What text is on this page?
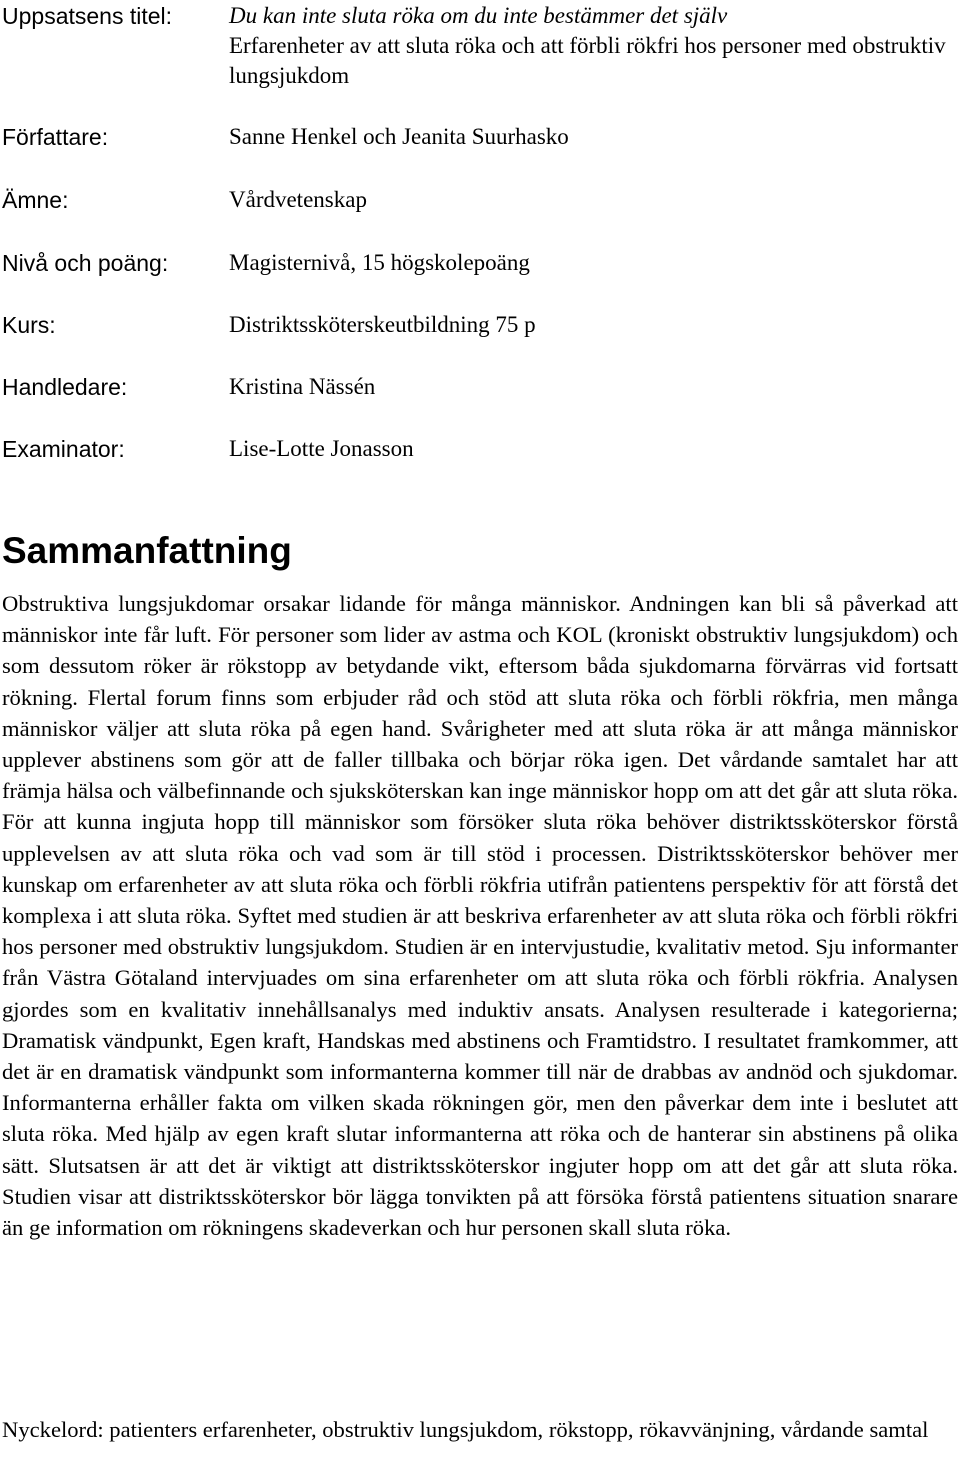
Uppsatsens titel: Du kan inte sluta röka om du inte bestämmer det själv
Erfarenheter av att sluta röka och att förbli rökfri hos personer med obstruktiv lungsjukdom
Författare:	Sanne Henkel och Jeanita Suurhasko
Ämne:	Vårdvetenskap
Nivå och poäng:	Magisternivå, 15 högskolepoäng
Kurs:	Distriktssköterskeutbildning 75 p
Handledare:	Kristina Nässén
Examinator:	Lise-Lotte Jonasson
Sammanfattning

Obstruktiva lungsjukdomar orsakar lidande för många människor. Andningen kan bli så påverkad att människor inte får luft. För personer som lider av astma och KOL (kroniskt obstruktiv lungsjukdom) och som dessutom röker är rökstopp av betydande vikt, eftersom båda sjukdomarna förvärras vid fortsatt rökning. Flertal forum finns som erbjuder råd och stöd att sluta röka och förbli rökfria, men många människor väljer att sluta röka på egen hand. Svårigheter med att sluta röka är att många människor upplever abstinens som gör att de faller tillbaka och börjar röka igen. Det vårdande samtalet har att främja hälsa och välbefinnande och sjuksköterskan kan inge människor hopp om att det går att sluta röka. För att kunna ingjuta hopp till människor som försöker sluta röka behöver distriktssköterskor förstå upplevelsen av att sluta röka och vad som är till stöd i processen. Distriktssköterskor behöver mer kunskap om erfarenheter av att sluta röka och förbli rökfria utifrån patientens perspektiv för att förstå det komplexa i att sluta röka. Syftet med studien är att beskriva erfarenheter av att sluta röka och förbli rökfri hos personer med obstruktiv lungsjukdom. Studien är en intervjustudie, kvalitativ metod. Sju informanter från Västra Götaland intervjuades om sina erfarenheter om att sluta röka och förbli rökfria. Analysen gjordes som en kvalitativ innehållsanalys med induktiv ansats. Analysen resulterade i kategorierna; Dramatisk vändpunkt, Egen kraft, Handskas med abstinens och Framtidstro. I resultatet framkommer, att det är en dramatisk vändpunkt som informanterna kommer till när de drabbas av andnöd och sjukdomar. Informanterna erhåller fakta om vilken skada rökningen gör, men den påverkar dem inte i beslutet att sluta röka. Med hjälp av egen kraft slutar informanterna att röka och de hanterar sin abstinens på olika sätt. Slutsatsen är att det är viktigt att distriktssköterskor ingjuter hopp om att det går att sluta röka. Studien visar att distriktssköterskor bör lägga tonvikten på att försöka förstå patientens situation snarare än ge information om rökningens skadeverkan och hur personen skall sluta röka.

Nyckelord: patienters erfarenheter, obstruktiv lungsjukdom, rökstopp, rökavvänjning, vårdande samtal
